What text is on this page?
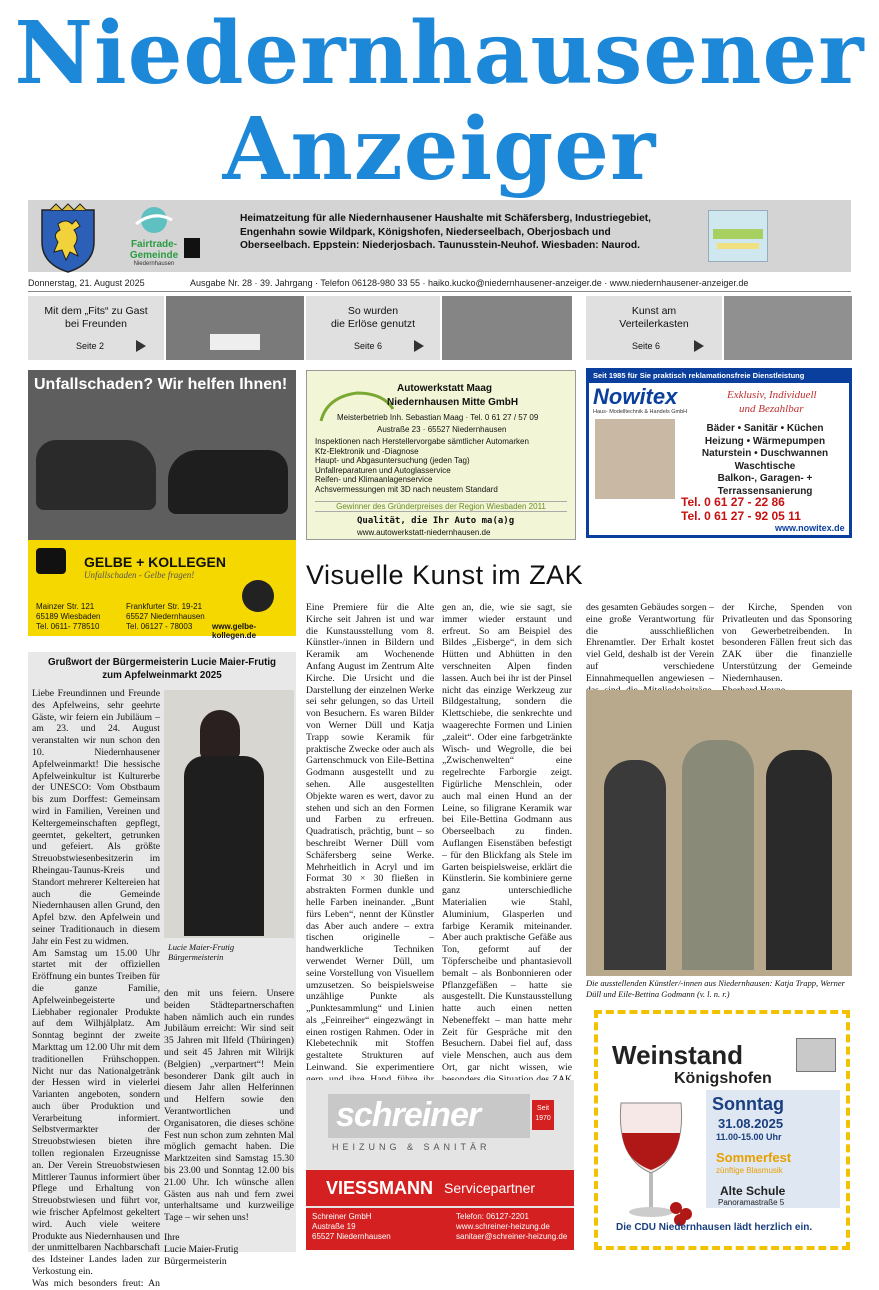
Niedernhausener
Anzeiger
Fairtrade-
Gemeinde
Niedernhausen
Heimatzeitung für alle Niedernhausener Haushalte mit Schäfersberg, Industriegebiet,
Engenhahn sowie Wildpark, Königshofen, Niederseelbach, Oberjosbach und
Oberseelbach. Eppstein: Niederjosbach. Taunusstein-Neuhof. Wiesbaden: Naurod.
Donnerstag, 21. August 2025	Ausgabe Nr. 28 · 39. Jahrgang · Telefon 06128-980 33 55 · haiko.kucko@niedernhausener-anzeiger.de · www.niedernhausener-anzeiger.de
Mit dem „Fits“ zu Gast
bei Freunden
Seite 2
So wurden
die Erlöse genutzt
Seite 6
Kunst am
Verteilerkasten
Seite 6
Unfallschaden? Wir helfen Ihnen!
GELBE + KOLLEGEN
Unfallschaden - Gelbe fragen!
Mainzer Str. 121
65189 Wiesbaden
Tel. 0611- 778510
Frankfurter Str. 19-21
65527 Niedernhausen
Tel. 06127 - 78003	www.gelbe-kollegen.de
Autowerkstatt Maag
Niedernhausen Mitte GmbH
Meisterbetrieb Inh. Sebastian Maag · Tel. 0 61 27 / 57 09
Austraße 23 · 65527 Niedernhausen
Inspektionen nach Herstellervorgabe sämtlicher Automarken
Kfz-Elektronik und -Diagnose
Haupt- und Abgasuntersuchung (jeden Tag)
Unfallreparaturen und Autoglasservice
Reifen- und Klimaanlagenservice
Achsvermessungen mit 3D nach neustem Standard
Gewinner des Gründerpreises der Region Wiesbaden 2011
Qualität, die Ihr Auto ma(a)g
www.autowerkstatt-niedernhausen.de
Seit 1985 für Sie praktisch reklamationsfreie Dienstleistung
Nowitex
Haus- Modelltechnik & Handels GmbH
Exklusiv, Individuell
und Bezahlbar
Bäder • Sanitär • Küchen
Heizung • Wärmepumpen
Naturstein • Duschwannen
Waschtische
Balkon-, Garagen- +
Terrassensanierung
Tel. 0 61 27 - 22 86
Tel. 0 61 27 - 92 05 11
www.nowitex.de
Grußwort der Bürgermeisterin Lucie Maier-Frutig
zum Apfelweinmarkt 2025

Liebe Freundinnen und Freunde des Apfelweins, sehr geehrte Gäste, wir feiern ein Jubiläum – am 23. und 24. August veranstalten wir nun schon den 10. Niedernhausener Apfelweinmarkt! Die hessische Apfelweinkultur ist Kulturerbe der UNESCO: Vom Obstbaum bis zum Dorffest: Gemeinsam wird in Familien, Vereinen und Keltergemeinschaften gepflegt, geerntet, gekeltert, getrunken und gefeiert. Als größte Streuobstwiesenbesitzerin im Rheingau-Taunus-Kreis und Standort mehrerer Keltereien hat auch die Gemeinde Niedernhausen allen Grund, den Apfel bzw. den Apfelwein und seiner Traditionauch in diesem Jahr ein Fest zu widmen.

Am Samstag um 15.00 Uhr startet mit der offiziellen Eröffnung ein buntes Treiben für die ganze Familie, Apfelweinbegeisterte und Liebhaber regionaler Produkte auf dem Wilhjälplatz. Am Sonntag beginnt der zweite Markttag um 12.00 Uhr mit dem traditionellen Frühschoppen. Nicht nur das Nationalgetränk der Hessen wird in vielerlei Varianten angeboten, sondern auch über Produktion und Verarbeitung informiert. Selbstvermarkter der Streuobstwiesen bieten ihre tollen regionalen Erzeugnisse an. Der Verein Streuobstwiesen Mittlerer Taunus informiert über Pflege und Erhaltung von Streuobstwiesen und führt vor, wie frischer Apfelmost gekeltert wird. Auch viele weitere Produkte aus Niedernhausen und der unmittelbaren Nachbarschaft des Idsteiner Landes laden zur Verkostung ein.

Was mich besonders freut: An

Lucie Maier-Frutig
Bürgermeisterin

den mit uns feiern. Unsere beiden Städtepartnerschaften haben nämlich auch ein rundes Jubiläum erreicht: Wir sind seit 35 Jahren mit Ilfeld (Thüringen) und seit 45 Jahren mit Wilrijk (Belgien) „verpartnert“! Mein besonderer Dank gilt auch in diesem Jahr allen Helferinnen und Helfern sowie den Verantwortlichen und Organisatoren, die dieses schöne Fest nun schon zum zehnten Mal möglich gemacht haben. Die Marktzeiten sind Samstag 15.30 bis 23.00 und Sonntag 12.00 bis 21.00 Uhr. Ich wünsche allen Gästen aus nah und fern zwei unterhaltsame und kurzweilige Tage – wir sehen uns!

Ihre

Lucie Maier-Frutig

Bürgermeisterin

Visuelle Kunst im ZAK
Eine Premiere für die Alte Kirche seit Jahren ist und war die Kunstausstellung vom 8. Künstler-/innen in Bildern und Keramik am Wochenende Anfang August im Zentrum Alte Kirche. Die Ursicht und die Darstellung der einzelnen Werke sei sehr gelungen, so das Urteil von Besuchern. Es waren Bilder von Werner Düll und Katja Trapp sowie Keramik für praktische Zwecke oder auch als Gartenschmuck von Eile-Bettina Godmann ausgestellt und zu sehen. Alle ausgestellten Objekte waren es wert, davor zu stehen und sich an den Formen und Farben zu erfreuen. Quadratisch, prächtig, bunt – so beschreibt Werner Düll vom Schäfersberg seine Werke. Mehrheitlich in Acryl und im Format 30 × 30 fließen in abstrakten Formen dunkle und helle Farben ineinander. „Bunt fürs Leben“, nennt der Künstler das Aber auch andere – extra tischen originelle – handwerkliche Techniken verwendet Werner Düll, um seine Vorstellung von Visuellem umzusetzen. So beispielsweise unzählige Punkte als „Punktesammlung“ und Linien als „Feinreiher“ eingezwängt in einen rostigen Rahmen. Oder in Klebetechnik mit Stoffen gestaltete Strukturen auf Leinwand. Sie experimentiere
gen an, die, wie sie sagt, sie immer wieder erstaunt und erfreut. So am Beispiel des Bildes „Eisberge“, in dem sich Hütten und Abhütten in den verschneiten Alpen finden lassen. Auch bei ihr ist der Pinsel nicht das einzige Werkzeug zur Bildgestaltung, sondern die Klettschiebe, die senkrechte und waagerechte Formen und Linien „zaleit“. Oder eine farbgetränkte Wisch- und Wegrolle, die bei „Zwischenwelten“ eine regelrechte Farborgie zeigt. Figürliche Menschlein, oder auch mal einen Hund an der Leine, so filigrane Keramik war bei Eile-Bettina Godmann aus Oberseelbach zu finden. Auflangen Eisenstäben befestigt – für den Blickfang als Stele im Garten beispielsweise, erklärt die Künstlerin. Sie kombiniere gerne ganz unterschiedliche Materialien wie Stahl, Aluminium, Glasperlen und farbige Keramik miteinander. Aber auch praktische Gefäße aus Ton, geformt auf der Töpferscheibe und phantasievoll bemalt – als Bonbonnieren oder Pflanzgefäßen – hatte sie ausgestellt. Die Kunstausstellung hatte auch einen netten Nebeneffekt – man hatte mehr Zeit für Gespräche mit den Besuchern. Dabei fiel auf, dass viele Menschen, auch aus dem Ort, gar nicht wissen, wie
des gesamten Gebäudes sorgen – eine große Verantwortung für die ausschließlichen Ehrenamtler. Der Erhalt kostet viel Geld, deshalb ist der Verein auf verschiedene Einnahmequellen angewiesen –

der Kirche, Spenden von Privatleuten und das Sponsoring von Gewerbetreibenden. In besonderen Fällen freut sich das ZAK über die finanzielle Unterstützung der Gemeinde Niedernhausen.

Die ausstellenden Künstler/-innen aus Niedernhausen: Katja Trapp, Werner Düll und Eile-Bettina Godmann (v. l. n. r.)
schreiner
HEIZUNG & SANITÄR
Seit
1970
VIESSMANN Servicepartner
Schreiner GmbH
Austraße 19
65527 Niedernhausen
Telefon: 06127-2201
www.schreiner-heizung.de
sanitaer@schreiner-heizung.de
Weinstand
Königshofen
Sonntag
31.08.2025
11.00-15.00 Uhr
Sommerfest
zünftige Blasmusik
Alte Schule
Panoramastraße 5
Die CDU Niedernhausen lädt herzlich ein.
